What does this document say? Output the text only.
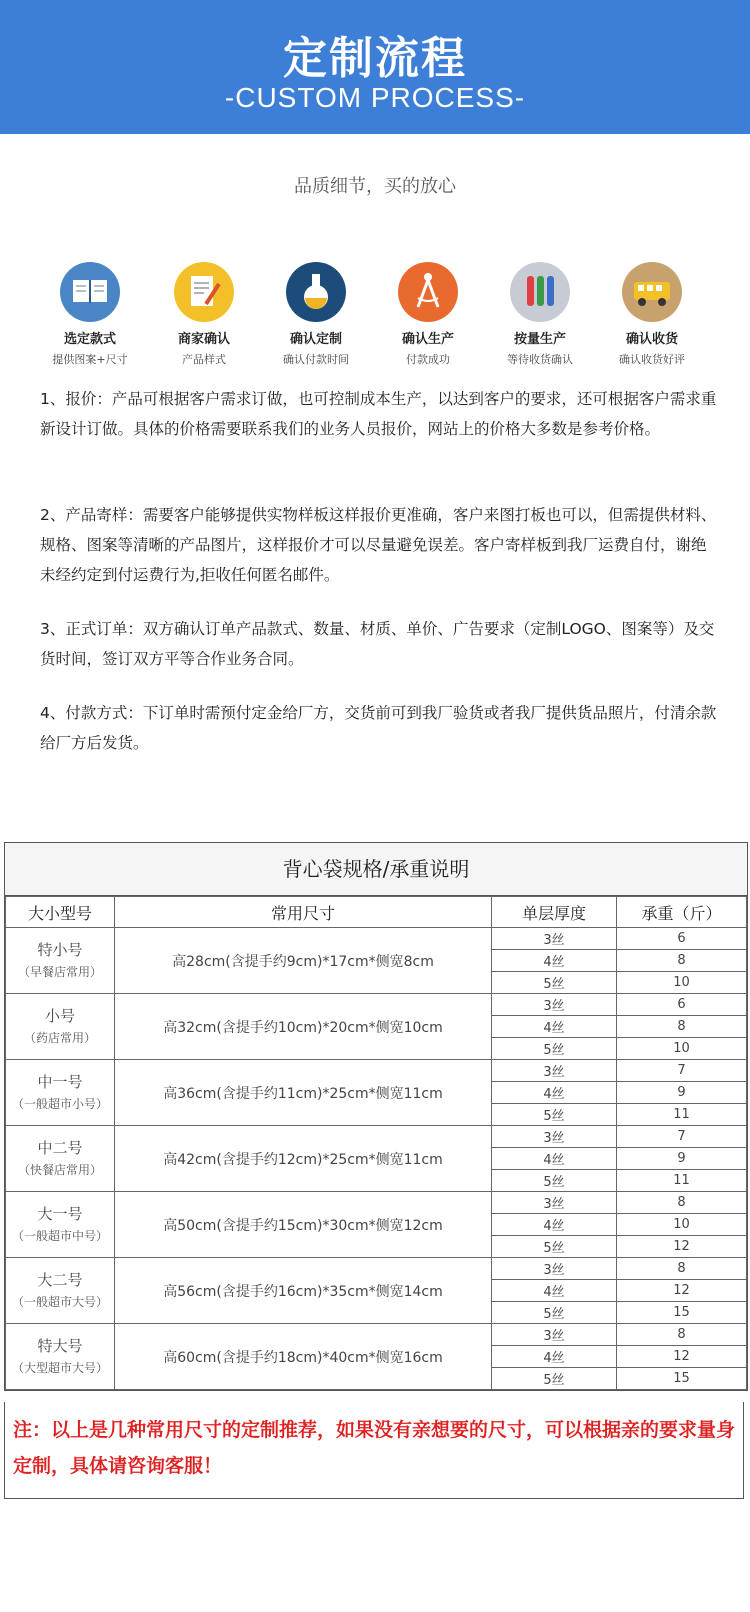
定制流程
-CUSTOM PROCESS-
品质细节，买的放心
选定款式
提供图案+尺寸
商家确认
产品样式
确认定制
确认付款时间
确认生产
付款成功
按量生产
等待收货确认
确认收货
确认收货好评
1、报价：产品可根据客户需求订做，也可控制成本生产，以达到客户的要求，还可根据客户需求重新设计订做。具体的价格需要联系我们的业务人员报价，网站上的价格大多数是参考价格。
2、产品寄样：需要客户能够提供实物样板这样报价更准确，客户来图打板也可以，但需提供材料、规格、图案等清晰的产品图片，这样报价才可以尽量避免误差。客户寄样板到我厂运费自付，谢绝未经约定到付运费行为,拒收任何匿名邮件。
3、正式订单：双方确认订单产品款式、数量、材质、单价、广告要求（定制LOGO、图案等）及交货时间，签订双方平等合作业务合同。
4、付款方式：下订单时需预付定金给厂方，交货前可到我厂验货或者我厂提供货品照片，付清余款给厂方后发货。
背心袋规格/承重说明
大小型号	常用尺寸	单层厚度	承重（斤）

特小号
（早餐店常用）	高28cm(含提手约9cm)*17cm*侧宽8cm	3丝	6
		4丝	8
		5丝	10

小号
（药店常用）	高32cm(含提手约10cm)*20cm*侧宽10cm	3丝	6
		4丝	8
		5丝	10

中一号
（一般超市小号）	高36cm(含提手约11cm)*25cm*侧宽11cm	3丝	7
		4丝	9
		5丝	11

中二号
（快餐店常用）	高42cm(含提手约12cm)*25cm*侧宽11cm	3丝	7
		4丝	9
		5丝	11

大一号
（一般超市中号）	高50cm(含提手约15cm)*30cm*侧宽12cm	3丝	8
		4丝	10
		5丝	12

大二号
（一般超市大号）	高56cm(含提手约16cm)*35cm*侧宽14cm	3丝	8
		4丝	12
		5丝	15

特大号
（大型超市大号）	高60cm(含提手约18cm)*40cm*侧宽16cm	3丝	8
		4丝	12
		5丝	15
注：以上是几种常用尺寸的定制推荐，如果没有亲想要的尺寸，可以根据亲的要求量身定制，具体请咨询客服！
